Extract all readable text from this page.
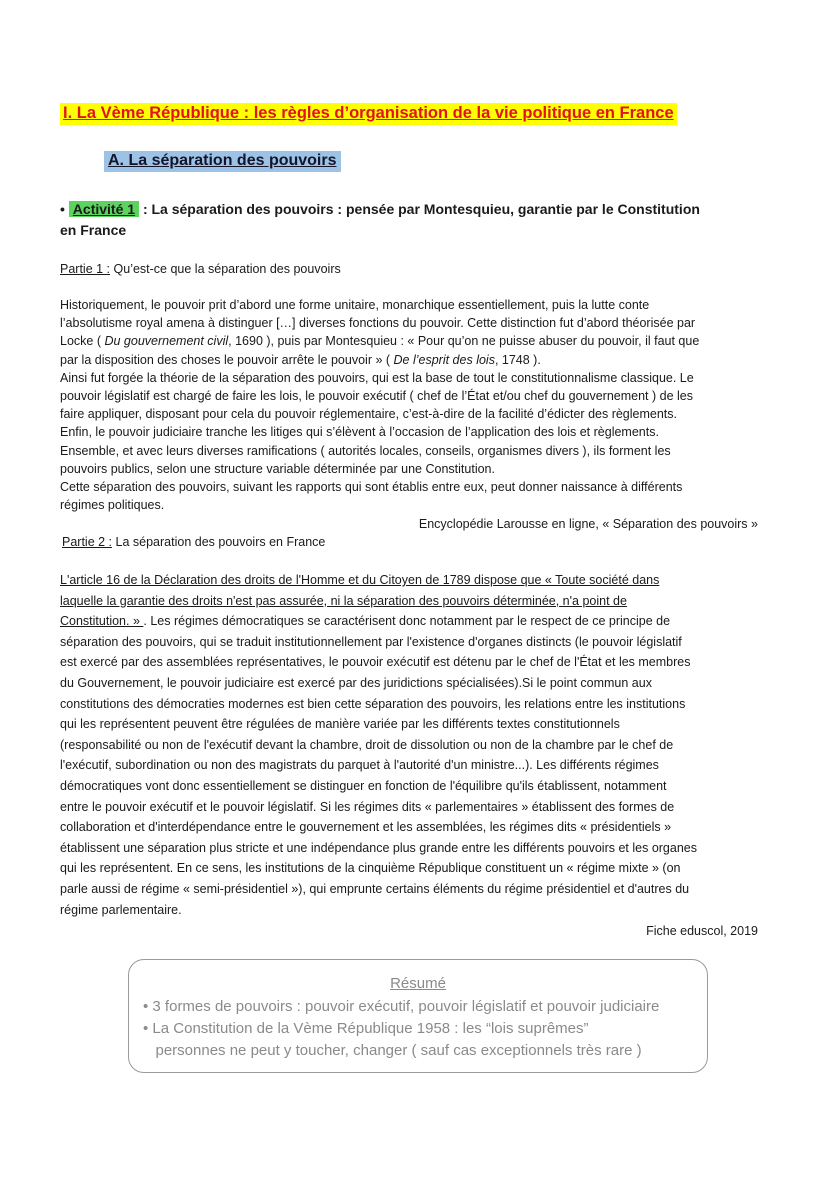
I. La Vème République : les règles d’organisation de la vie politique en France
A. La séparation des pouvoirs
• Activité 1 : La séparation des pouvoirs : pensée par Montesquieu, garantie par le Constitution
en France
Partie 1 : Qu’est-ce que la séparation des pouvoirs
Historiquement, le pouvoir prit d’abord une forme unitaire, monarchique essentiellement, puis la lutte conte
l’absolutisme royal amena à distinguer […] diverses fonctions du pouvoir. Cette distinction fut d’abord théorisée par
Locke ( Du gouvernement civil, 1690 ), puis par Montesquieu : « Pour qu’on ne puisse abuser du pouvoir, il faut que
par la disposition des choses le pouvoir arrête le pouvoir » ( De l’esprit des lois, 1748 ).
Ainsi fut forgée la théorie de la séparation des pouvoirs, qui est la base de tout le constitutionnalisme classique. Le
pouvoir législatif est chargé de faire les lois, le pouvoir exécutif ( chef de l’État et/ou chef du gouvernement ) de les
faire appliquer, disposant pour cela du pouvoir réglementaire, c’est-à-dire de la facilité d’édicter des règlements.
Enfin, le pouvoir judiciaire tranche les litiges qui s’élèvent à l’occasion de l’application des lois et règlements.
Ensemble, et avec leurs diverses ramifications ( autorités locales, conseils, organismes divers ), ils forment les
pouvoirs publics, selon une structure variable déterminée par une Constitution.
Cette séparation des pouvoirs, suivant les rapports qui sont établis entre eux, peut donner naissance à différents
régimes politiques.
Encyclopédie Larousse en ligne, « Séparation des pouvoirs »
Partie 2 : La séparation des pouvoirs en France
L'article 16 de la Déclaration des droits de l'Homme et du Citoyen de 1789 dispose que « Toute société dans
laquelle la garantie des droits n'est pas assurée, ni la séparation des pouvoirs déterminée, n'a point de
Constitution. » . Les régimes démocratiques se caractérisent donc notamment par le respect de ce principe de
séparation des pouvoirs, qui se traduit institutionnellement par l'existence d'organes distincts (le pouvoir législatif
est exercé par des assemblées représentatives, le pouvoir exécutif est détenu par le chef de l'État et les membres
du Gouvernement, le pouvoir judiciaire est exercé par des juridictions spécialisées).Si le point commun aux
constitutions des démocraties modernes est bien cette séparation des pouvoirs, les relations entre les institutions
qui les représentent peuvent être régulées de manière variée par les différents textes constitutionnels
(responsabilité ou non de l'exécutif devant la chambre, droit de dissolution ou non de la chambre par le chef de
l'exécutif, subordination ou non des magistrats du parquet à l'autorité d'un ministre...). Les différents régimes
démocratiques vont donc essentiellement se distinguer en fonction de l'équilibre qu'ils établissent, notamment
entre le pouvoir exécutif et le pouvoir législatif. Si les régimes dits « parlementaires » établissent des formes de
collaboration et d'interdépendance entre le gouvernement et les assemblées, les régimes dits « présidentiels »
établissent une séparation plus stricte et une indépendance plus grande entre les différents pouvoirs et les organes
qui les représentent. En ce sens, les institutions de la cinquième République constituent un « régime mixte » (on
parle aussi de régime « semi-présidentiel »), qui emprunte certains éléments du régime présidentiel et d'autres du
régime parlementaire.
Fiche eduscol, 2019
Résumé
• 3 formes de pouvoirs : pouvoir exécutif, pouvoir législatif et pouvoir judiciaire
• La Constitution de la Vème République 1958 : les “lois suprêmes”
personnes ne peut y toucher, changer ( sauf cas exceptionnels très rare )
